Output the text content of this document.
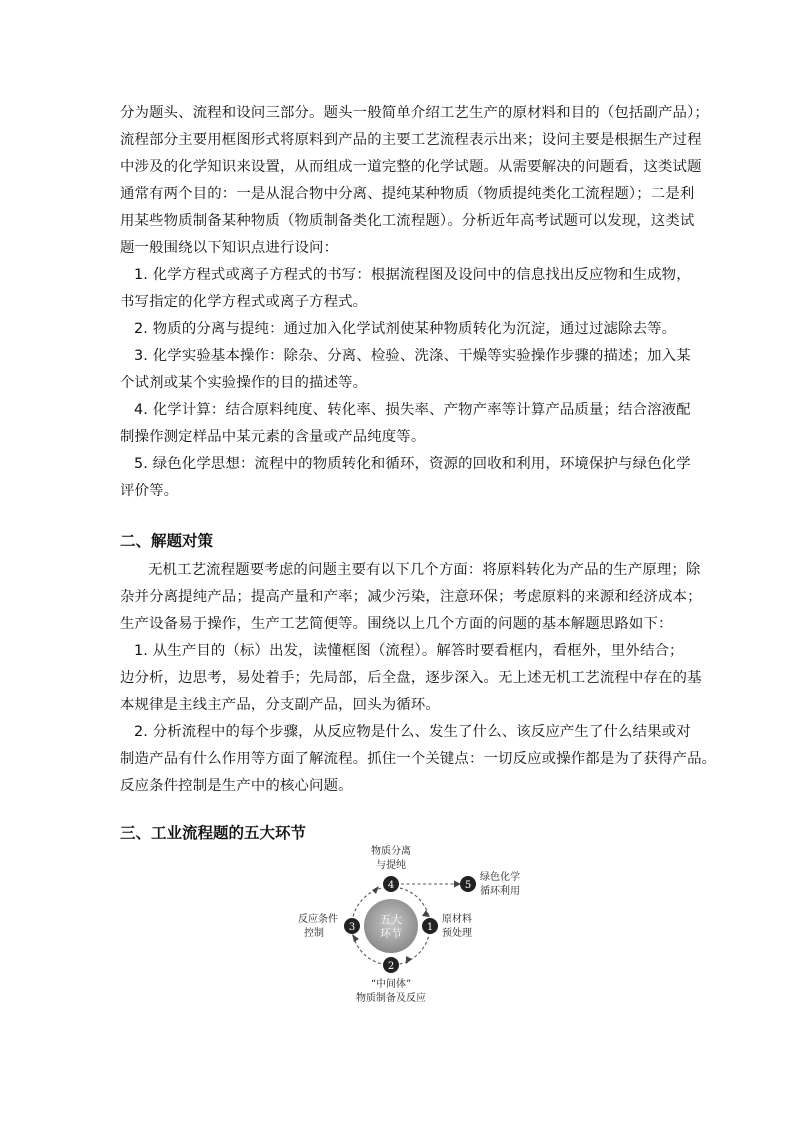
分为题头、流程和设问三部分。题头一般简单介绍工艺生产的原材料和目的（包括副产品）；
流程部分主要用框图形式将原料到产品的主要工艺流程表示出来；设问主要是根据生产过程
中涉及的化学知识来设置，从而组成一道完整的化学试题。从需要解决的问题看，这类试题
通常有两个目的：一是从混合物中分离、提纯某种物质（物质提纯类化工流程题）；二是利
用某些物质制备某种物质（物质制备类化工流程题）。分析近年高考试题可以发现，这类试
题一般围绕以下知识点进行设问：
1. 化学方程式或离子方程式的书写：根据流程图及设问中的信息找出反应物和生成物，
书写指定的化学方程式或离子方程式。
2. 物质的分离与提纯：通过加入化学试剂使某种物质转化为沉淀，通过过滤除去等。
3. 化学实验基本操作：除杂、分离、检验、洗涤、干燥等实验操作步骤的描述；加入某
个试剂或某个实验操作的目的描述等。
4. 化学计算：结合原料纯度、转化率、损失率、产物产率等计算产品质量；结合溶液配
制操作测定样品中某元素的含量或产品纯度等。
5. 绿色化学思想：流程中的物质转化和循环，资源的回收和利用，环境保护与绿色化学
评价等。
二、解题对策
无机工艺流程题要考虑的问题主要有以下几个方面：将原料转化为产品的生产原理；除
杂并分离提纯产品；提高产量和产率；减少污染，注意环保；考虑原料的来源和经济成本；
生产设备易于操作，生产工艺简便等。围绕以上几个方面的问题的基本解题思路如下：
1. 从生产目的（标）出发，读懂框图（流程）。解答时要看框内，看框外，里外结合；
边分析，边思考，易处着手；先局部，后全盘，逐步深入。无上述无机工艺流程中存在的基
本规律是主线主产品，分支副产品，回头为循环。
2. 分析流程中的每个步骤，从反应物是什么、发生了什么、该反应产生了什么结果或对
制造产品有什么作用等方面了解流程。抓住一个关键点：一切反应或操作都是为了获得产品。
反应条件控制是生产中的核心问题。
三、工业流程题的五大环节
五大
环节 1
原材料
预处理
2
“中间体”
物质制备及反应
3
反应条件
控制
4
物质分离
与提纯
5
绿色化学
循环利用
